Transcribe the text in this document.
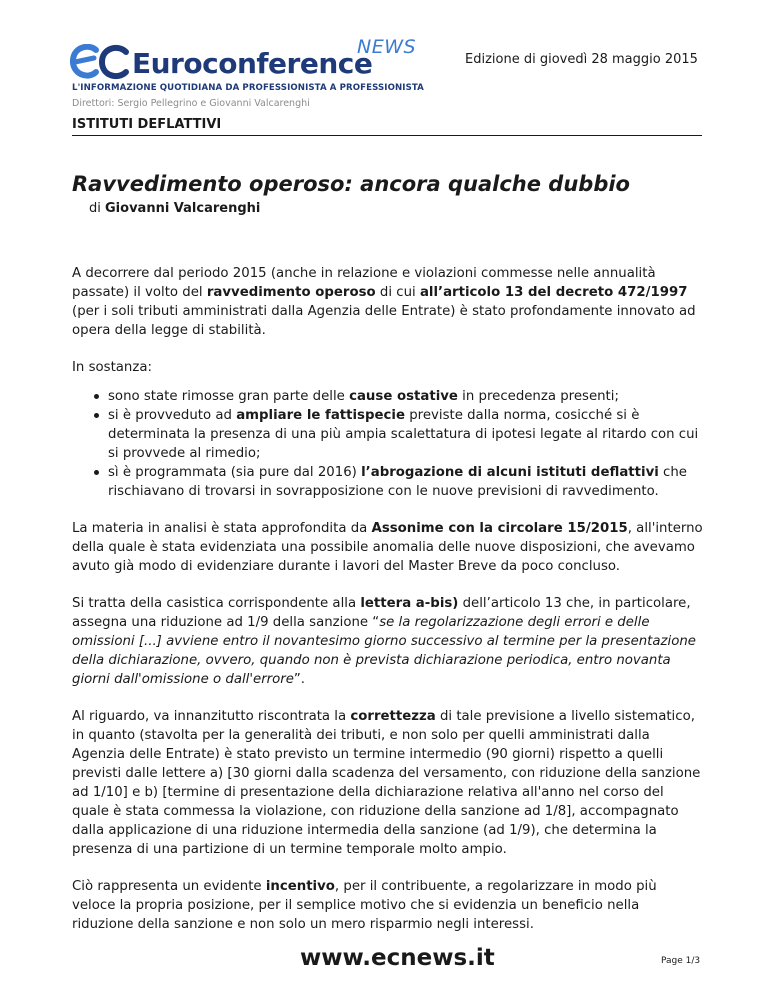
NEWS
Euroconference
L'INFORMAZIONE QUOTIDIANA DA PROFESSIONISTA A PROFESSIONISTA
Direttori: Sergio Pellegrino e Giovanni Valcarenghi
Edizione di giovedì 28 maggio 2015
ISTITUTI DEFLATTIVI
Ravvedimento operoso: ancora qualche dubbio
di Giovanni Valcarenghi

A decorrere dal periodo 2015 (anche in relazione e violazioni commesse nelle annualità passate) il volto del ravvedimento operoso di cui all’articolo 13 del decreto 472/1997 (per i soli tributi amministrati dalla Agenzia delle Entrate) è stato profondamente innovato ad opera della legge di stabilità.

In sostanza:

sono state rimosse gran parte delle cause ostative in precedenza presenti;
si è provveduto ad ampliare le fattispecie previste dalla norma, cosicché si è determinata la presenza di una più ampia scalettatura di ipotesi legate al ritardo con cui si provvede al rimedio;
sì è programmata (sia pure dal 2016) l’abrogazione di alcuni istituti deflattivi che rischiavano di trovarsi in sovrapposizione con le nuove previsioni di ravvedimento.

La materia in analisi è stata approfondita da Assonime con la circolare 15/2015, all'interno della quale è stata evidenziata una possibile anomalia delle nuove disposizioni, che avevamo avuto già modo di evidenziare durante i lavori del Master Breve da poco concluso.

Si tratta della casistica corrispondente alla lettera a-bis) dell’articolo 13 che, in particolare, assegna una riduzione ad 1/9 della sanzione “se la regolarizzazione degli errori e delle omissioni [...] avviene entro il novantesimo giorno successivo al termine per la presentazione della dichiarazione, ovvero, quando non è prevista dichiarazione periodica, entro novanta giorni dall'omissione o dall'errore”.

Al riguardo, va innanzitutto riscontrata la correttezza di tale previsione a livello sistematico, in quanto (stavolta per la generalità dei tributi, e non solo per quelli amministrati dalla Agenzia delle Entrate) è stato previsto un termine intermedio (90 giorni) rispetto a quelli previsti dalle lettere a) [30 giorni dalla scadenza del versamento, con riduzione della sanzione ad 1/10] e b) [termine di presentazione della dichiarazione relativa all'anno nel corso del quale è stata commessa la violazione, con riduzione della sanzione ad 1/8], accompagnato dalla applicazione di una riduzione intermedia della sanzione (ad 1/9), che determina la presenza di una partizione di un termine temporale molto ampio.

Ciò rappresenta un evidente incentivo, per il contribuente, a regolarizzare in modo più veloce la propria posizione, per il semplice motivo che si evidenzia un beneficio nella riduzione della sanzione e non solo un mero risparmio negli interessi.

www.ecnews.it	Page 1/3
